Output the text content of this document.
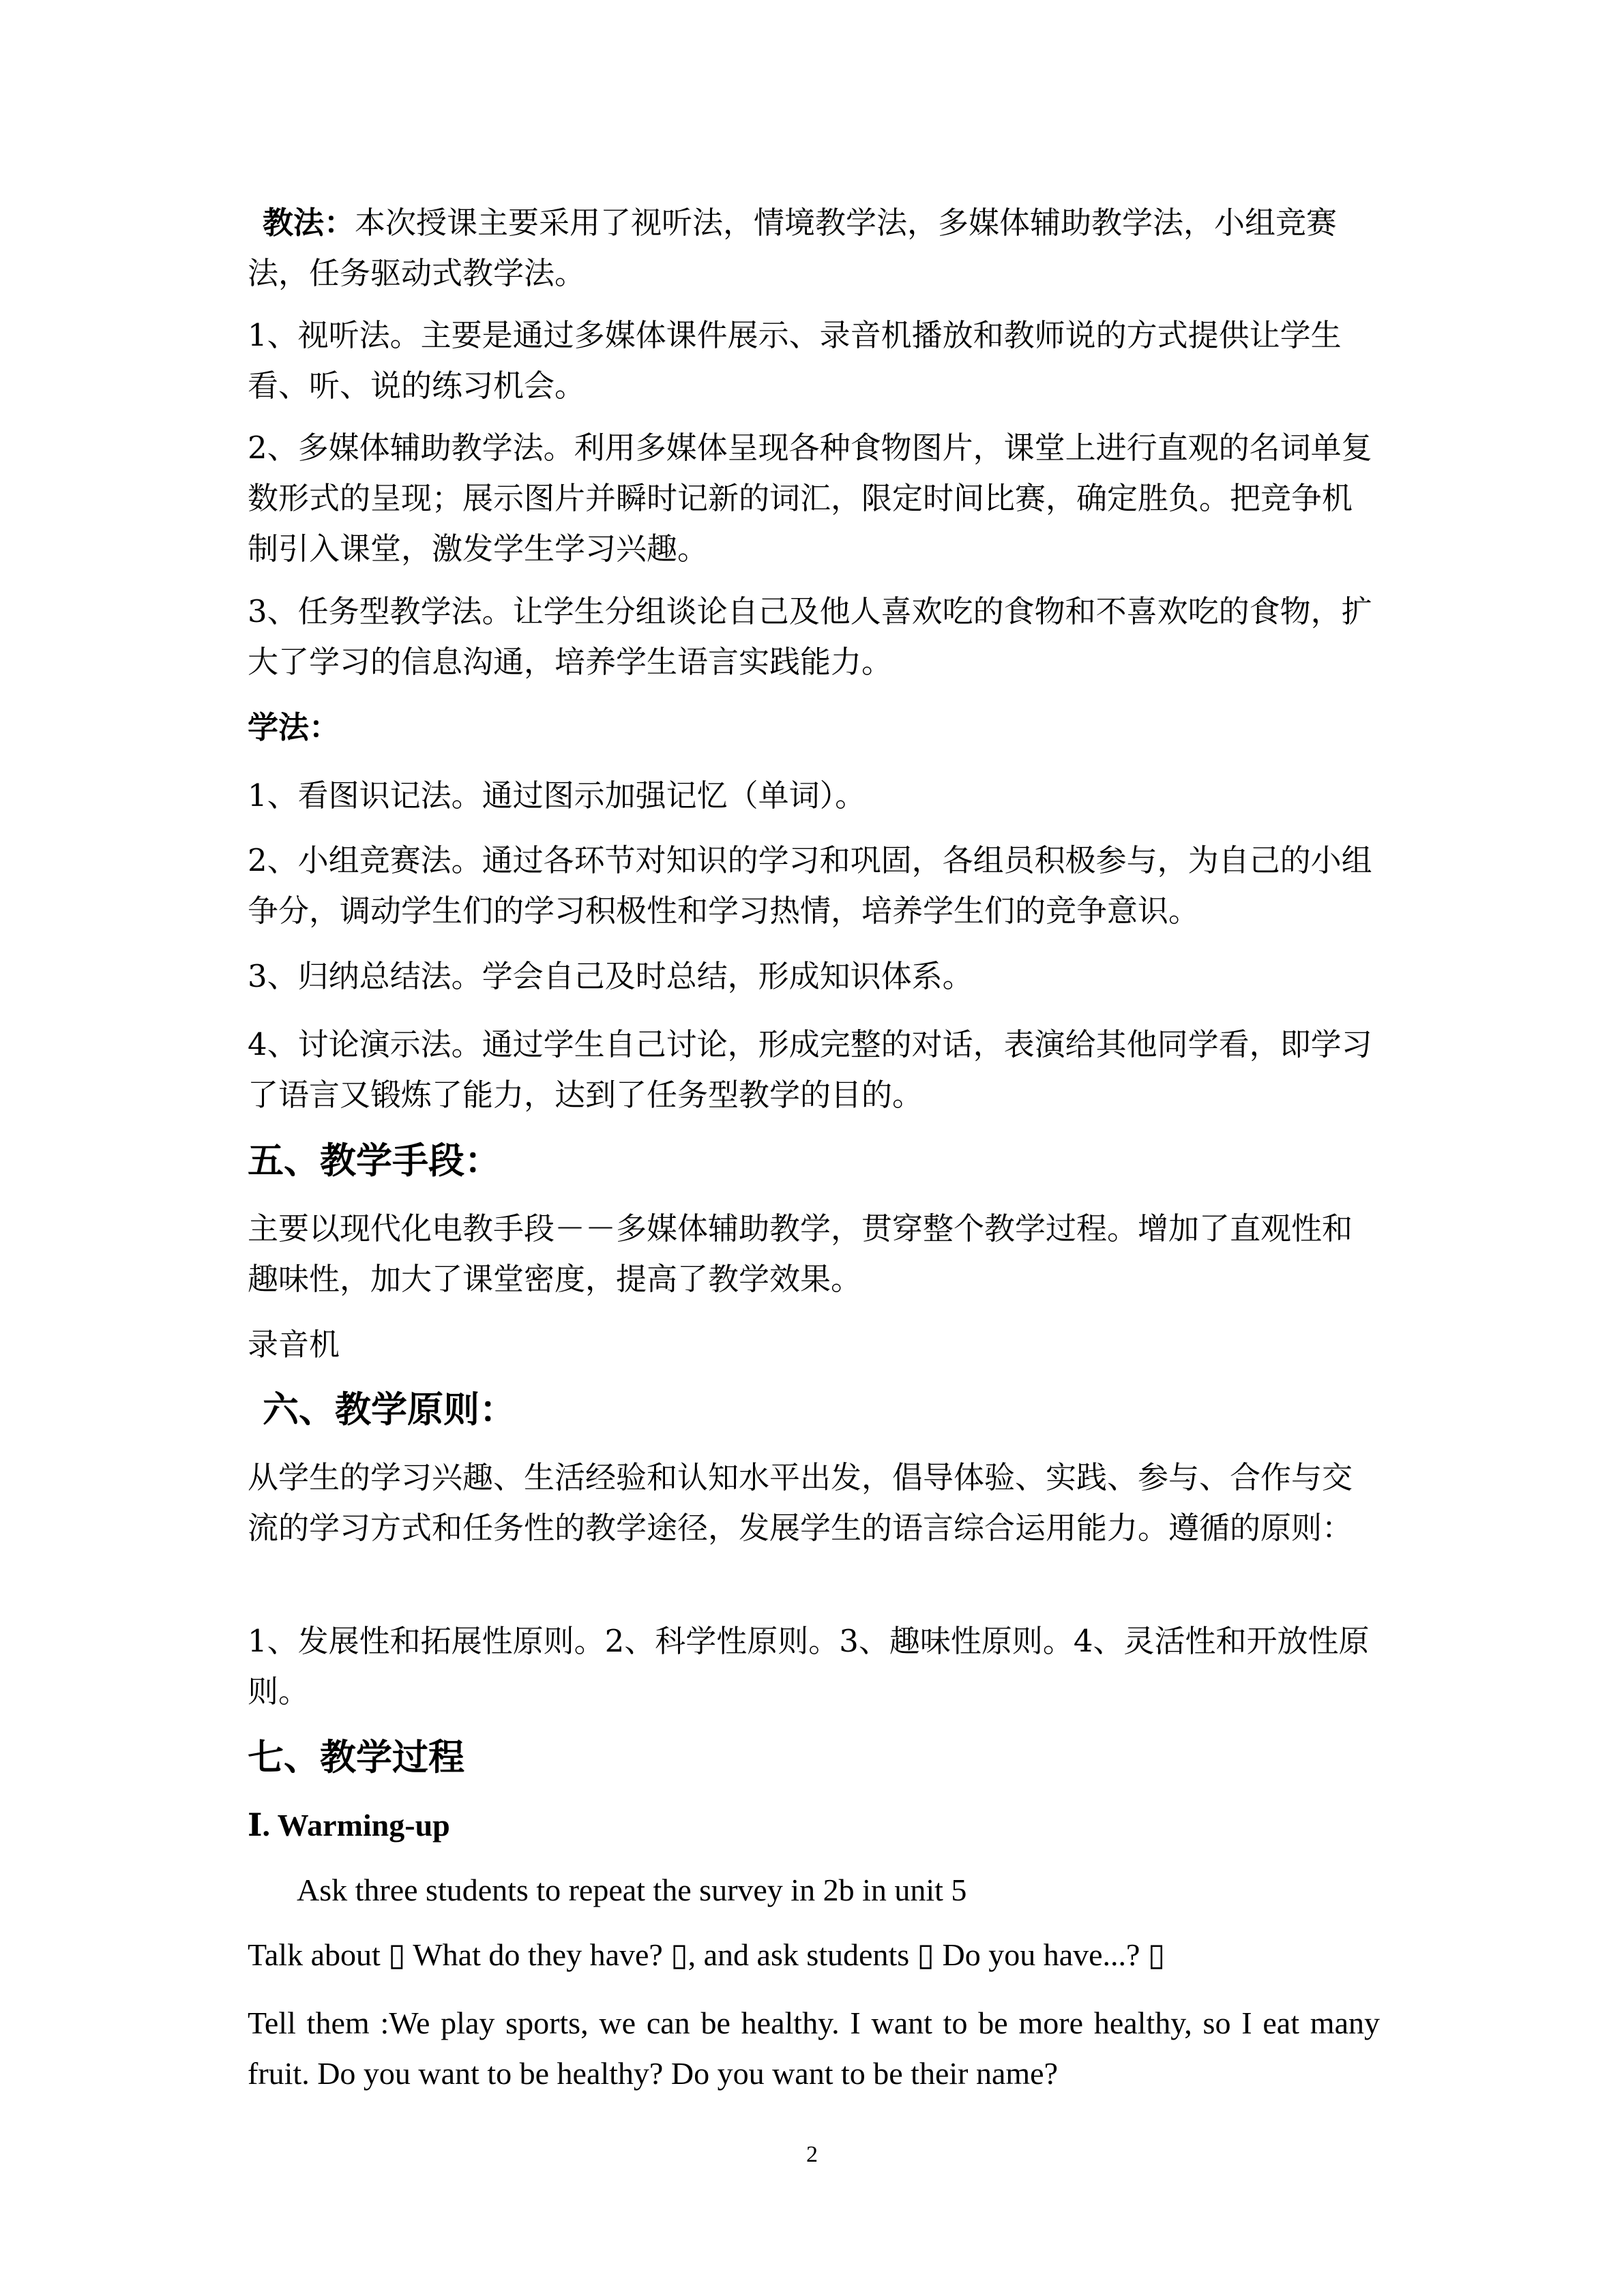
教法：本次授课主要采用了视听法，情境教学法，多媒体辅助教学法，小组竞赛法，任务驱动式教学法。

1、视听法。主要是通过多媒体课件展示、录音机播放和教师说的方式提供让学生看、听、说的练习机会。

2、多媒体辅助教学法。利用多媒体呈现各种食物图片，课堂上进行直观的名词单复数形式的呈现；展示图片并瞬时记新的词汇，限定时间比赛，确定胜负。把竞争机制引入课堂，激发学生学习兴趣。

3、任务型教学法。让学生分组谈论自己及他人喜欢吃的食物和不喜欢吃的食物，扩大了学习的信息沟通，培养学生语言实践能力。

学法：

1、看图识记法。通过图示加强记忆（单词）。

2、小组竞赛法。通过各环节对知识的学习和巩固，各组员积极参与，为自己的小组争分，调动学生们的学习积极性和学习热情，培养学生们的竞争意识。

3、归纳总结法。学会自己及时总结，形成知识体系。

4、讨论演示法。通过学生自己讨论，形成完整的对话，表演给其他同学看，即学习了语言又锻炼了能力，达到了任务型教学的目的。

五、教学手段：

主要以现代化电教手段－－多媒体辅助教学，贯穿整个教学过程。增加了直观性和趣味性，加大了课堂密度，提高了教学效果。

录音机

六、教学原则：

从学生的学习兴趣、生活经验和认知水平出发，倡导体验、实践、参与、合作与交流的学习方式和任务性的教学途径，发展学生的语言综合运用能力。遵循的原则：

1、发展性和拓展性原则。2、科学性原则。3、趣味性原则。4、灵活性和开放性原则。

七、教学过程

Ⅰ. Warming-up

Ask three students to repeat the survey in 2b in unit 5

Talk about ▯ What do they have? ▯, and ask students ▯ Do you have...? ▯

Tell them :We play sports, we can be healthy. I want to be more healthy, so I eat many fruit. Do you want to be healthy? Do you want to be their name?

2
